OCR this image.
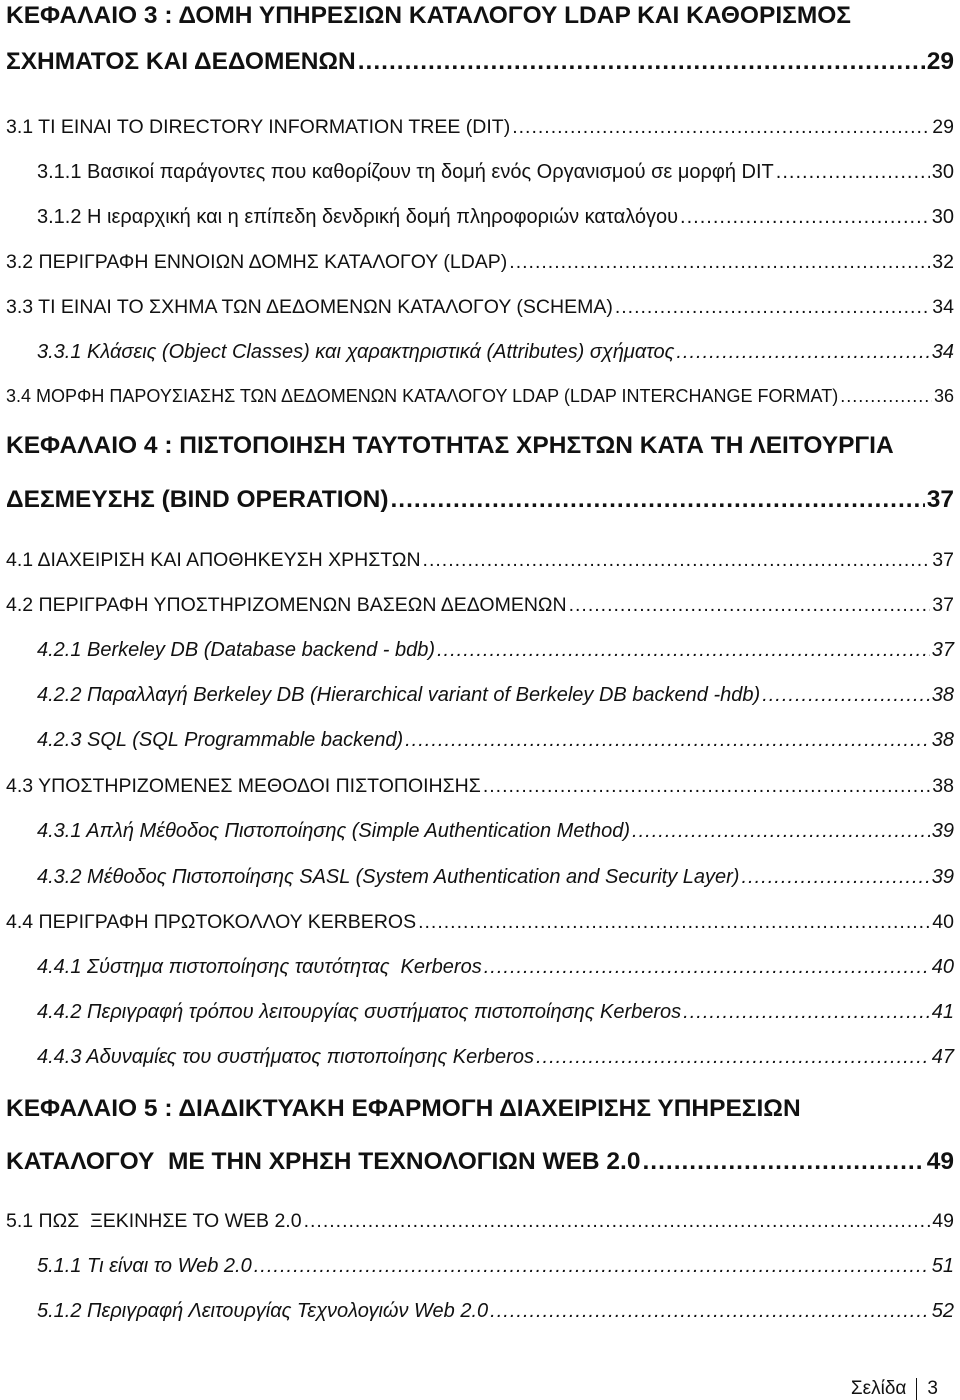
ΚΕΦΑΛΑΙΟ 3 : ΔΟΜΗ ΥΠΗΡΕΣΙΩΝ ΚΑΤΑΛΟΓΟΥ LDAP ΚΑΙ ΚΑΘΟΡΙΣΜΟΣ
ΣΧΗΜΑΤΟΣ ΚΑΙ ΔΕΔΟΜΕΝΩΝ .....	29
3.1 ΤΙ ΕΙΝΑΙ ΤΟ DIRECTORY INFORMATION TREE (DIT) .....	29
3.1.1 Βασικοί παράγοντες που καθορίζουν τη δομή ενός Οργανισμού σε μορφή DIT .....	30
3.1.2 Η ιεραρχική και η επίπεδη δενδρική δομή πληροφοριών καταλόγου .....	30
3.2 ΠΕΡΙΓΡΑΦΗ ΕΝΝΟΙΩΝ ΔΟΜΗΣ ΚΑΤΑΛΟΓΟΥ (LDAP) .....	32
3.3 ΤΙ ΕΙΝΑΙ ΤΟ ΣΧΗΜΑ ΤΩΝ ΔΕΔΟΜΕΝΩΝ ΚΑΤΑΛΟΓΟΥ (SCHEMA) .....	34
3.3.1 Κλάσεις (Object Classes) και χαρακτηριστικά (Attributes) σχήματος .....	34
3.4 ΜΟΡΦΗ ΠΑΡΟΥΣΙΑΣΗΣ ΤΩΝ ΔΕΔΟΜΕΝΩΝ ΚΑΤΑΛΟΓΟΥ LDAP (LDAP INTERCHANGE FORMAT) .....	36
ΚΕΦΑΛΑΙΟ 4 : ΠΙΣΤΟΠΟΙΗΣΗ ΤΑΥΤΟΤΗΤΑΣ ΧΡΗΣΤΩΝ ΚΑΤΑ ΤΗ ΛΕΙΤΟΥΡΓΙΑ
ΔΕΣΜΕΥΣΗΣ (BIND OPERATION) .....	37
4.1 ΔΙΑΧΕΙΡΙΣΗ ΚΑΙ ΑΠΟΘΗΚΕΥΣΗ ΧΡΗΣΤΩΝ .....	37
4.2 ΠΕΡΙΓΡΑΦΗ ΥΠΟΣΤΗΡΙΖΟΜΕΝΩΝ ΒΑΣΕΩΝ ΔΕΔΟΜΕΝΩΝ .....	37
4.2.1 Berkeley DB (Database backend - bdb) .....	37
4.2.2 Παραλλαγή Berkeley DB (Hierarchical variant of Berkeley DB backend -hdb) .....	38
4.2.3 SQL (SQL Programmable backend) .....	38
4.3 ΥΠΟΣΤΗΡΙΖΟΜΕΝΕΣ ΜΕΘΟΔΟΙ ΠΙΣΤΟΠΟΙΗΣΗΣ .....	38
4.3.1 Απλή Μέθοδος Πιστοποίησης (Simple Authentication Method) .....	39
4.3.2 Μέθοδος Πιστοποίησης SASL (System Authentication and Security Layer) .....	39
4.4 ΠΕΡΙΓΡΑΦΗ ΠΡΩΤΟΚΟΛΛΟΥ KERBEROS .....	40
4.4.1 Σύστημα πιστοποίησης ταυτότητας  Kerberos .....	40
4.4.2 Περιγραφή τρόπου λειτουργίας συστήματος πιστοποίησης Kerberos .....	41
4.4.3 Αδυναμίες του συστήματος πιστοποίησης Kerberos .....	47
ΚΕΦΑΛΑΙΟ 5 : ΔΙΑΔΙΚΤΥΑΚΗ ΕΦΑΡΜΟΓΗ ΔΙΑΧΕΙΡΙΣΗΣ ΥΠΗΡΕΣΙΩΝ
ΚΑΤΑΛΟΓΟΥ  ΜΕ ΤΗΝ ΧΡΗΣΗ ΤΕΧΝΟΛΟΓΙΩΝ WEB 2.0 .....	49
5.1 ΠΩΣ  ΞΕΚΙΝΗΣΕ ΤΟ WEB 2.0 .....	49
5.1.1 Τι είναι το Web 2.0 .....	51
5.1.2 Περιγραφή Λειτουργίας Τεχνολογιών Web 2.0 .....	52
Σελίδα 3
